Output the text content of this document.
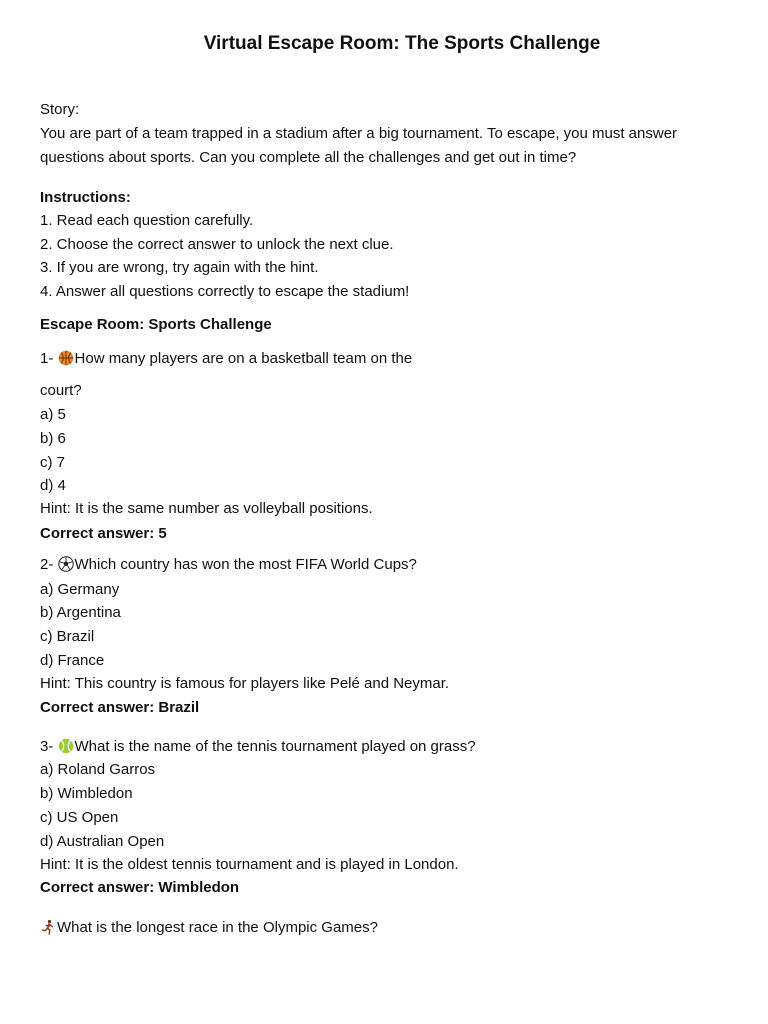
Virtual Escape Room: The Sports Challenge
Story:
You are part of a team trapped in a stadium after a big tournament. To escape, you must answer
questions about sports. Can you complete all the challenges and get out in time?
Instructions:
1. Read each question carefully.
2. Choose the correct answer to unlock the next clue.
3. If you are wrong, try again with the hint.
4. Answer all questions correctly to escape the stadium!
Escape Room: Sports Challenge
1-
How many players are on a basketball team on the
court?
a) 5
b) 6
c) 7
d) 4
Hint: It is the same number as volleyball positions.
Correct answer: 5
2-
Which country has won the most FIFA World Cups?
a) Germany
b) Argentina
c) Brazil
d) France
Hint: This country is famous for players like Pelé and Neymar.
Correct answer: Brazil
3-
What is the name of the tennis tournament played on grass?
a) Roland Garros
b) Wimbledon
c) US Open
d) Australian Open
Hint: It is the oldest tennis tournament and is played in London.
Correct answer: Wimbledon
What is the longest race in the Olympic Games?
